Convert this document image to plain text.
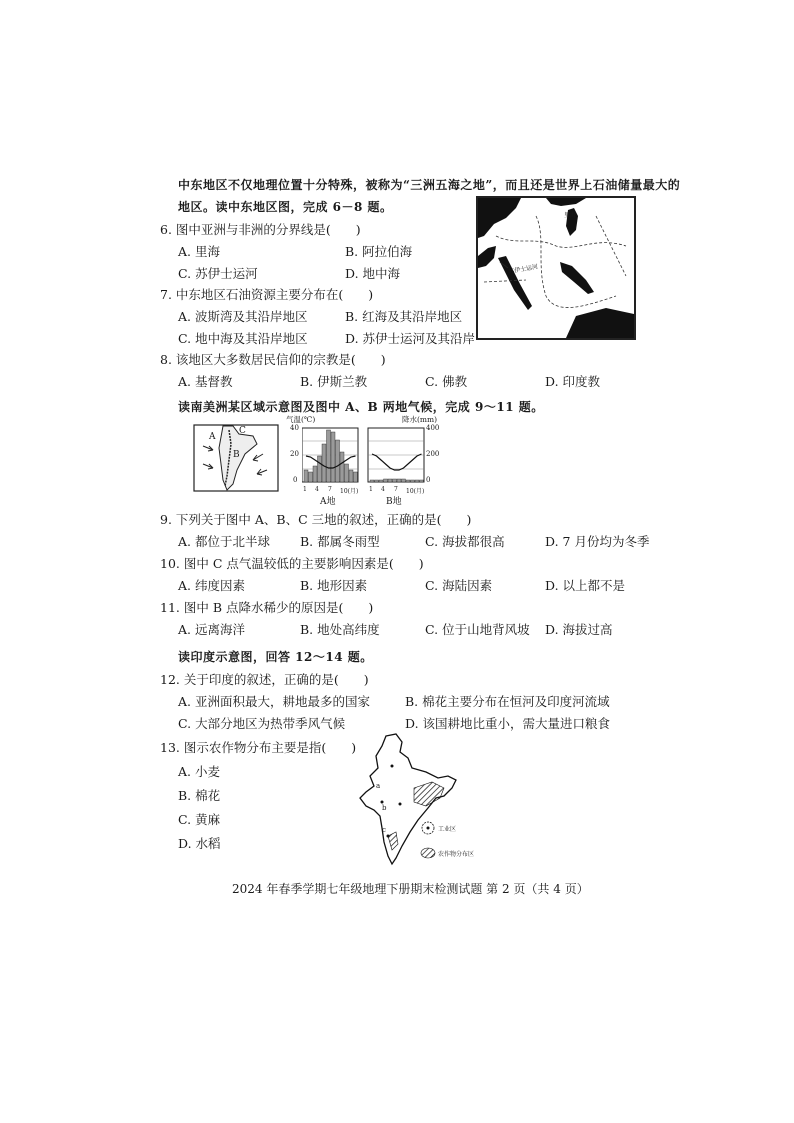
中东地区不仅地理位置十分特殊，被称为“三洲五海之地”，而且还是世界上石油储量最大的
地区。读中东地区图，完成 6－8 题。
6. 图中亚洲与非洲的分界线是(　　)
A. 里海	B. 阿拉伯海
C. 苏伊士运河	D. 地中海
7. 中东地区石油资源主要分布在(　　)
A. 波斯湾及其沿岸地区	B. 红海及其沿岸地区
C. 地中海及其沿岸地区	D. 苏伊士运河及其沿岸
8. 该地区大多数居民信仰的宗教是(　　)
A. 基督教	B. 伊斯兰教	C. 佛教	D. 印度教
里海
苏伊士运河
读南美洲某区域示意图及图中 A、B 两地气候，完成 9～11 题。
A
C
B
气温(℃)	降水(mm)
40
20
0
400
200
0
1 4 7 10(月) 1 4 7 10(月)
A地	B地
9. 下列关于图中 A、B、C 三地的叙述，正确的是(　　)
A. 都位于北半球 B. 都属冬雨型	C. 海拔都很高	D. 7 月份均为冬季
10. 图中 C 点气温较低的主要影响因素是(　　)
A. 纬度因素	B. 地形因素	C. 海陆因素	D. 以上都不是
11. 图中 B 点降水稀少的原因是(　　)
A. 远离海洋	B. 地处高纬度	C. 位于山地背风坡 D. 海拔过高
读印度示意图，回答 12～14 题。
12. 关于印度的叙述，正确的是(　　)
A. 亚洲面积最大，耕地最多的国家	B. 棉花主要分布在恒河及印度河流域
C. 大部分地区为热带季风气候	D. 该国耕地比重小，需大量进口粮食
13. 图示农作物分布主要是指(　　)
A. 小麦
B. 棉花
C. 黄麻
D. 水稻
a
b
c	工业区
农作物分布区
2024 年春季学期七年级地理下册期末检测试题 第 2 页（共 4 页）
